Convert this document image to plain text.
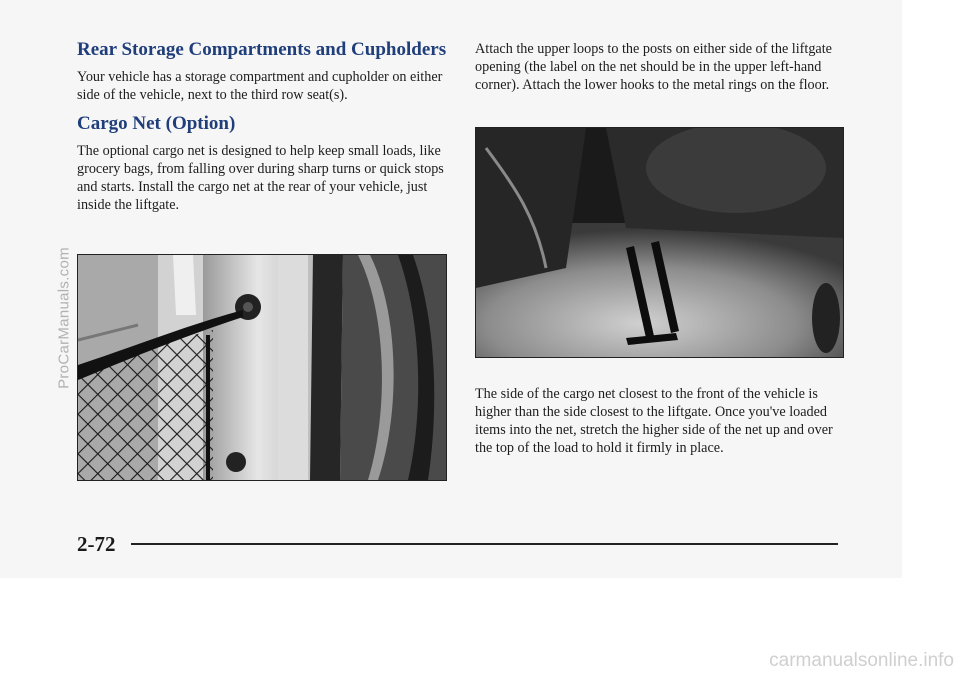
Rear Storage Compartments and Cupholders

Your vehicle has a storage compartment and cupholder on either side of the vehicle, next to the third row seat(s).

Cargo Net (Option)

The optional cargo net is designed to help keep small loads, like grocery bags, from falling over during sharp turns or quick stops and starts. Install the cargo net at the rear of your vehicle, just inside the liftgate.

Attach the upper loops to the posts on either side of the liftgate opening (the label on the net should be in the upper left-hand corner). Attach the lower hooks to the metal rings on the floor.

The side of the cargo net closest to the front of the vehicle is higher than the side closest to the liftgate. Once you've loaded items into the net, stretch the higher side of the net up and over the top of the load to hold it firmly in place.

2-72
ProCarManuals.com
carmanualsonline.info
